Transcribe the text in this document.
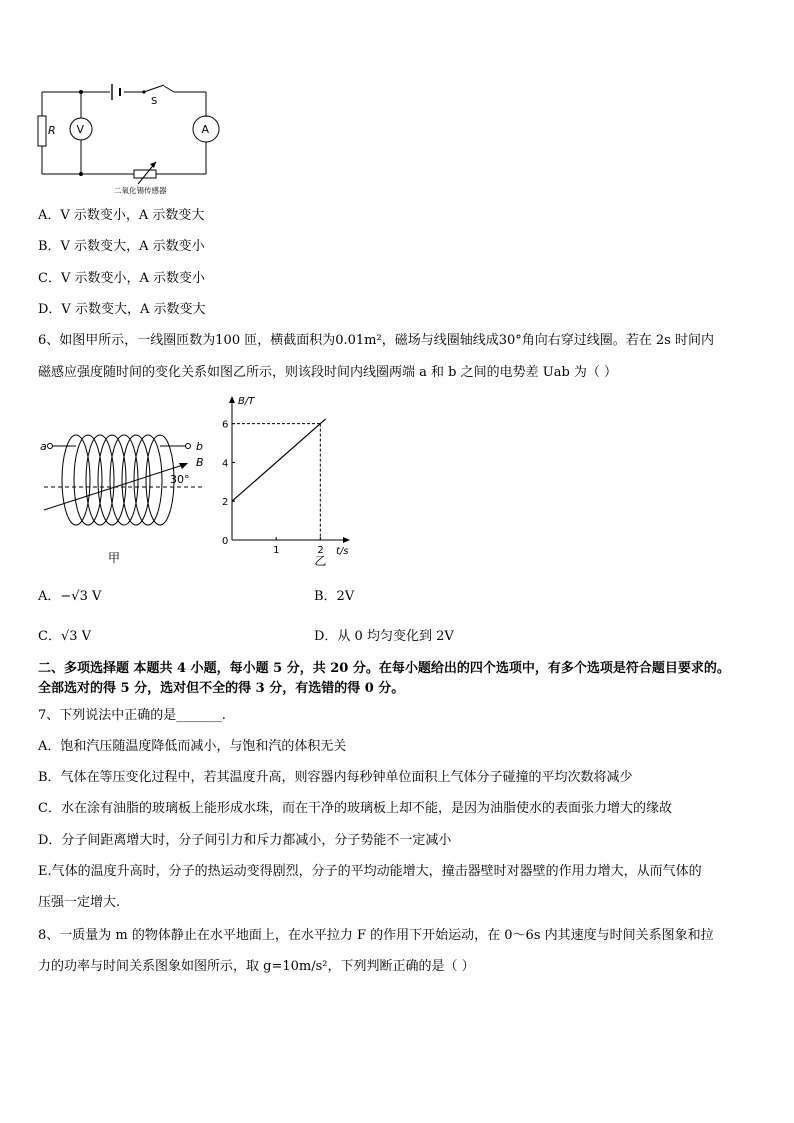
R V	A
S
二氧化锡传感器
A．V 示数变小，A 示数变大
B．V 示数变大，A 示数变小
C．V 示数变小，A 示数变小
D．V 示数变大，A 示数变大
6、如图甲所示，一线圈匝数为100 匝，横截面积为0.01m²，磁场与线圈轴线成30°角向右穿过线圈。若在 2s 时间内
磁感应强度随时间的变化关系如图乙所示，则该段时间内线圈两端 a 和 b 之间的电势差 Uab 为（ ）
a	b
B
30°
甲
B/T
t/s
0
1	2
2
4
6
乙
A．−√3 V	B．2V
C．√3 V	D．从 0 均匀变化到 2V
二、多项选择题 本题共 4 小题，每小题 5 分，共 20 分。在每小题给出的四个选项中，有多个选项是符合题目要求的。
全部选对的得 5 分，选对但不全的得 3 分，有选错的得 0 分。
7、下列说法中正确的是_______.
A．饱和汽压随温度降低而减小，与饱和汽的体积无关
B．气体在等压变化过程中，若其温度升高，则容器内每秒钟单位面积上气体分子碰撞的平均次数将减少
C．水在涂有油脂的玻璃板上能形成水珠，而在干净的玻璃板上却不能，是因为油脂使水的表面张力增大的缘故
D．分子间距离增大时，分子间引力和斥力都减小，分子势能不一定减小
E.气体的温度升高时，分子的热运动变得剧烈，分子的平均动能增大，撞击器壁时对器壁的作用力增大，从而气体的
压强一定增大.
8、一质量为 m 的物体静止在水平地面上，在水平拉力 F 的作用下开始运动，在 0～6s 内其速度与时间关系图象和拉
力的功率与时间关系图象如图所示，取 g=10m/s²，下列判断正确的是（ ）
